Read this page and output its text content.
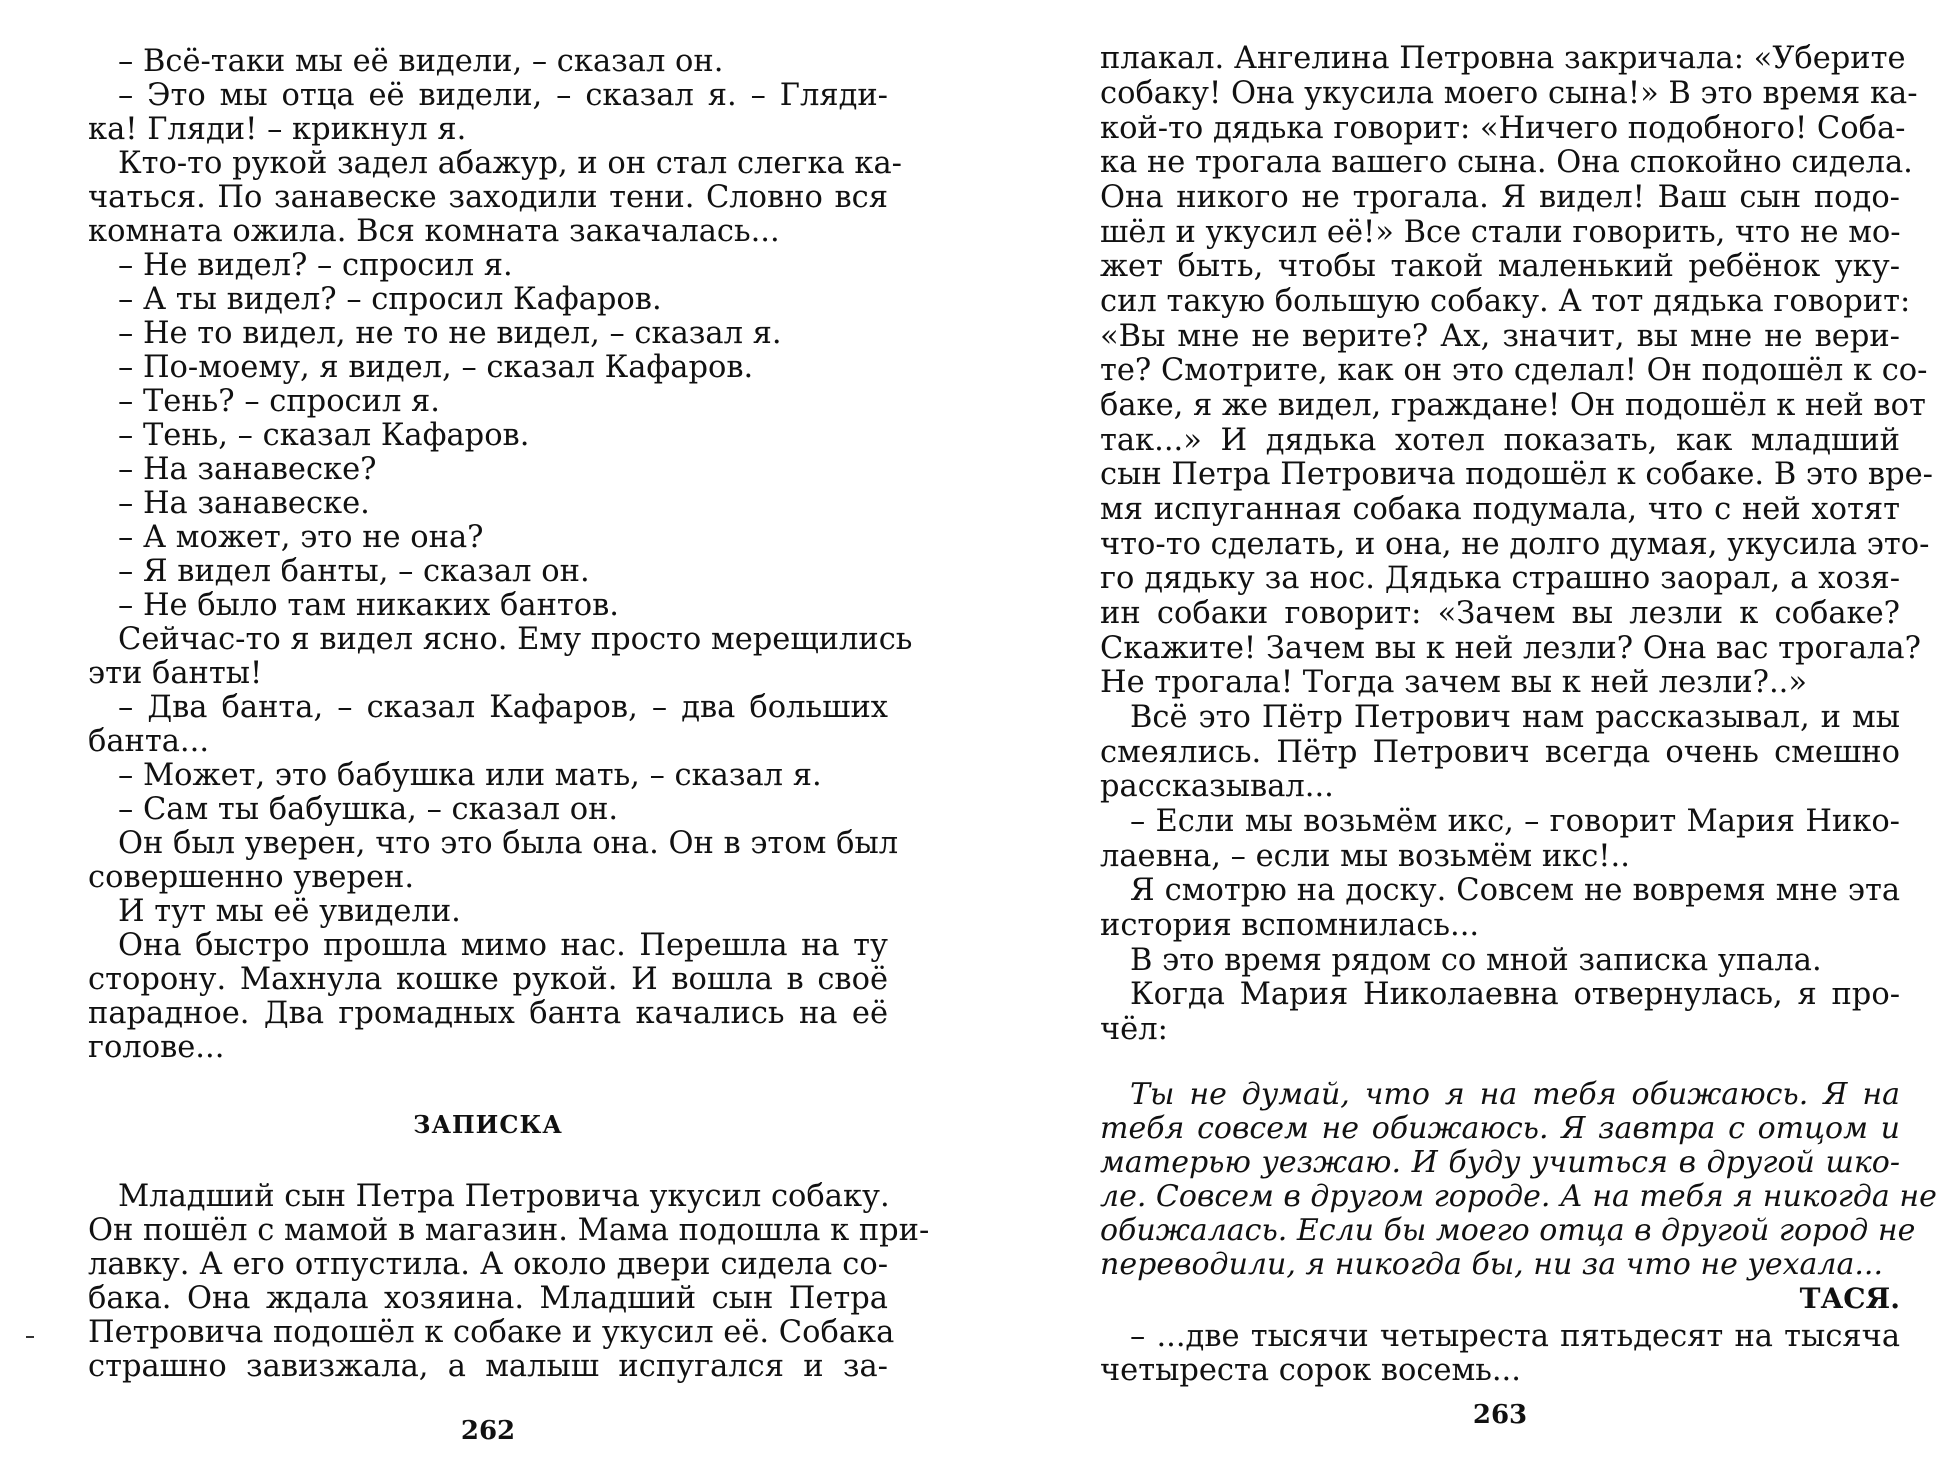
– Всё-таки мы её видели, – сказал он.
– Это мы отца её видели, – сказал я. – Гляди-
ка! Гляди! – крикнул я.
Кто-то рукой задел абажур, и он стал слегка ка-
чаться. По занавеске заходили тени. Словно вся
комната ожила. Вся комната закачалась...
– Не видел? – спросил я.
– А ты видел? – спросил Кафаров.
– Не то видел, не то не видел, – сказал я.
– По-моему, я видел, – сказал Кафаров.
– Тень? – спросил я.
– Тень, – сказал Кафаров.
– На занавеске?
– На занавеске.
– А может, это не она?
– Я видел банты, – сказал он.
– Не было там никаких бантов.
Сейчас-то я видел ясно. Ему просто мерещились
эти банты!
– Два банта, – сказал Кафаров, – два больших
банта...
– Может, это бабушка или мать, – сказал я.
– Сам ты бабушка, – сказал он.
Он был уверен, что это была она. Он в этом был
совершенно уверен.
И тут мы её увидели.
Она быстро прошла мимо нас. Перешла на ту
сторону. Махнула кошке рукой. И вошла в своё
парадное. Два громадных банта качались на её
голове...
ЗАПИСКА
Младший сын Петра Петровича укусил собаку.
Он пошёл с мамой в магазин. Мама подошла к при-
лавку. А его отпустила. А около двери сидела со-
бака. Она ждала хозяина. Младший сын Петра
Петровича подошёл к собаке и укусил её. Собака
страшно завизжала, а малыш испугался и за-
262
плакал. Ангелина Петровна закричала: «Уберите
собаку! Она укусила моего сына!» В это время ка-
кой-то дядька говорит: «Ничего подобного! Соба-
ка не трогала вашего сына. Она спокойно сидела.
Она никого не трогала. Я видел! Ваш сын подо-
шёл и укусил её!» Все стали говорить, что не мо-
жет быть, чтобы такой маленький ребёнок уку-
сил такую большую собаку. А тот дядька говорит:
«Вы мне не верите? Ах, значит, вы мне не вери-
те? Смотрите, как он это сделал! Он подошёл к со-
баке, я же видел, граждане! Он подошёл к ней вот
так...» И дядька хотел показать, как младший
сын Петра Петровича подошёл к собаке. В это вре-
мя испуганная собака подумала, что с ней хотят
что-то сделать, и она, не долго думая, укусила это-
го дядьку за нос. Дядька страшно заорал, а хозя-
ин собаки говорит: «Зачем вы лезли к собаке?
Скажите! Зачем вы к ней лезли? Она вас трогала?
Не трогала! Тогда зачем вы к ней лезли?..»
Всё это Пётр Петрович нам рассказывал, и мы
смеялись. Пётр Петрович всегда очень смешно
рассказывал...
– Если мы возьмём икс, – говорит Мария Нико-
лаевна, – если мы возьмём икс!..
Я смотрю на доску. Совсем не вовремя мне эта
история вспомнилась...
В это время рядом со мной записка упала.
Когда Мария Николаевна отвернулась, я про-
чёл:
Ты не думай, что я на тебя обижаюсь. Я на
тебя совсем не обижаюсь. Я завтра с отцом и
матерью уезжаю. И буду учиться в другой шко-
ле. Совсем в другом городе. А на тебя я никогда не
обижалась. Если бы моего отца в другой город не
переводили, я никогда бы, ни за что не уехала...
ТАСЯ.
– ...две тысячи четыреста пятьдесят на тысяча
четыреста сорок восемь...
263
